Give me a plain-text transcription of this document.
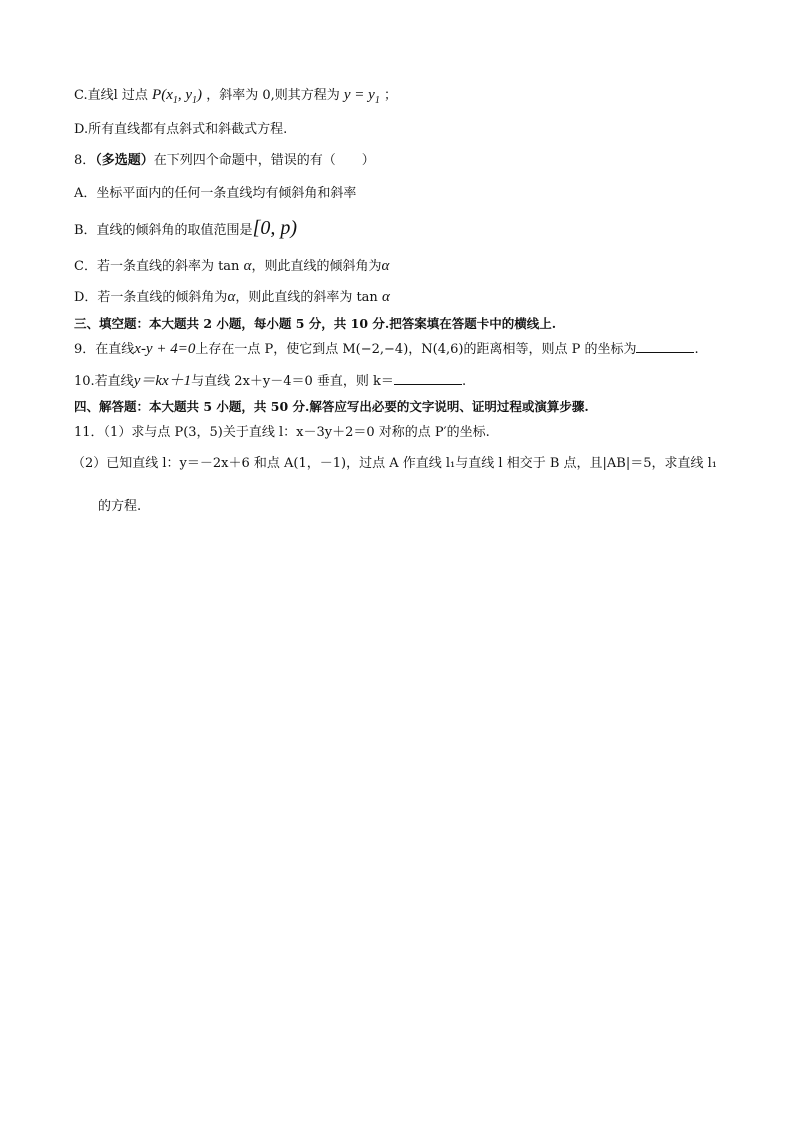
C.直线l 过点 $P(x_1$, $y_1$) ，斜率为 0,则其方程为 $y = y_1$ ；
D.所有直线都有点斜式和斜截式方程.
8．（多选题）在下列四个命题中，错误的有（　　）
A．坐标平面内的任何一条直线均有倾斜角和斜率
B．直线的倾斜角的取值范围是[0, p)
C．若一条直线的斜率为 tan α，则此直线的倾斜角为α
D．若一条直线的倾斜角为α，则此直线的斜率为 tan α
三、填空题：本大题共 2 小题，每小题 5 分，共 10 分.把答案填在答题卡中的横线上.
9．在直线x-y + 4=0上存在一点 P，使它到点 M(−2,−4)，N(4,6)的距离相等，则点 P 的坐标为	.
10.若直线y＝kx＋1与直线 2x＋y－4＝0 垂直，则 k＝	.
四、解答题：本大题共 5 小题，共 50 分.解答应写出必要的文字说明、证明过程或演算步骤.
11．（1）求与点 P(3，5)关于直线 l：x－3y＋2＝0 对称的点 P′的坐标.
（2）已知直线 l：y＝－2x＋6 和点 A(1，－1)，过点 A 作直线 l₁与直线 l 相交于 B 点，且|AB|＝5，求直线 l₁
的方程.
